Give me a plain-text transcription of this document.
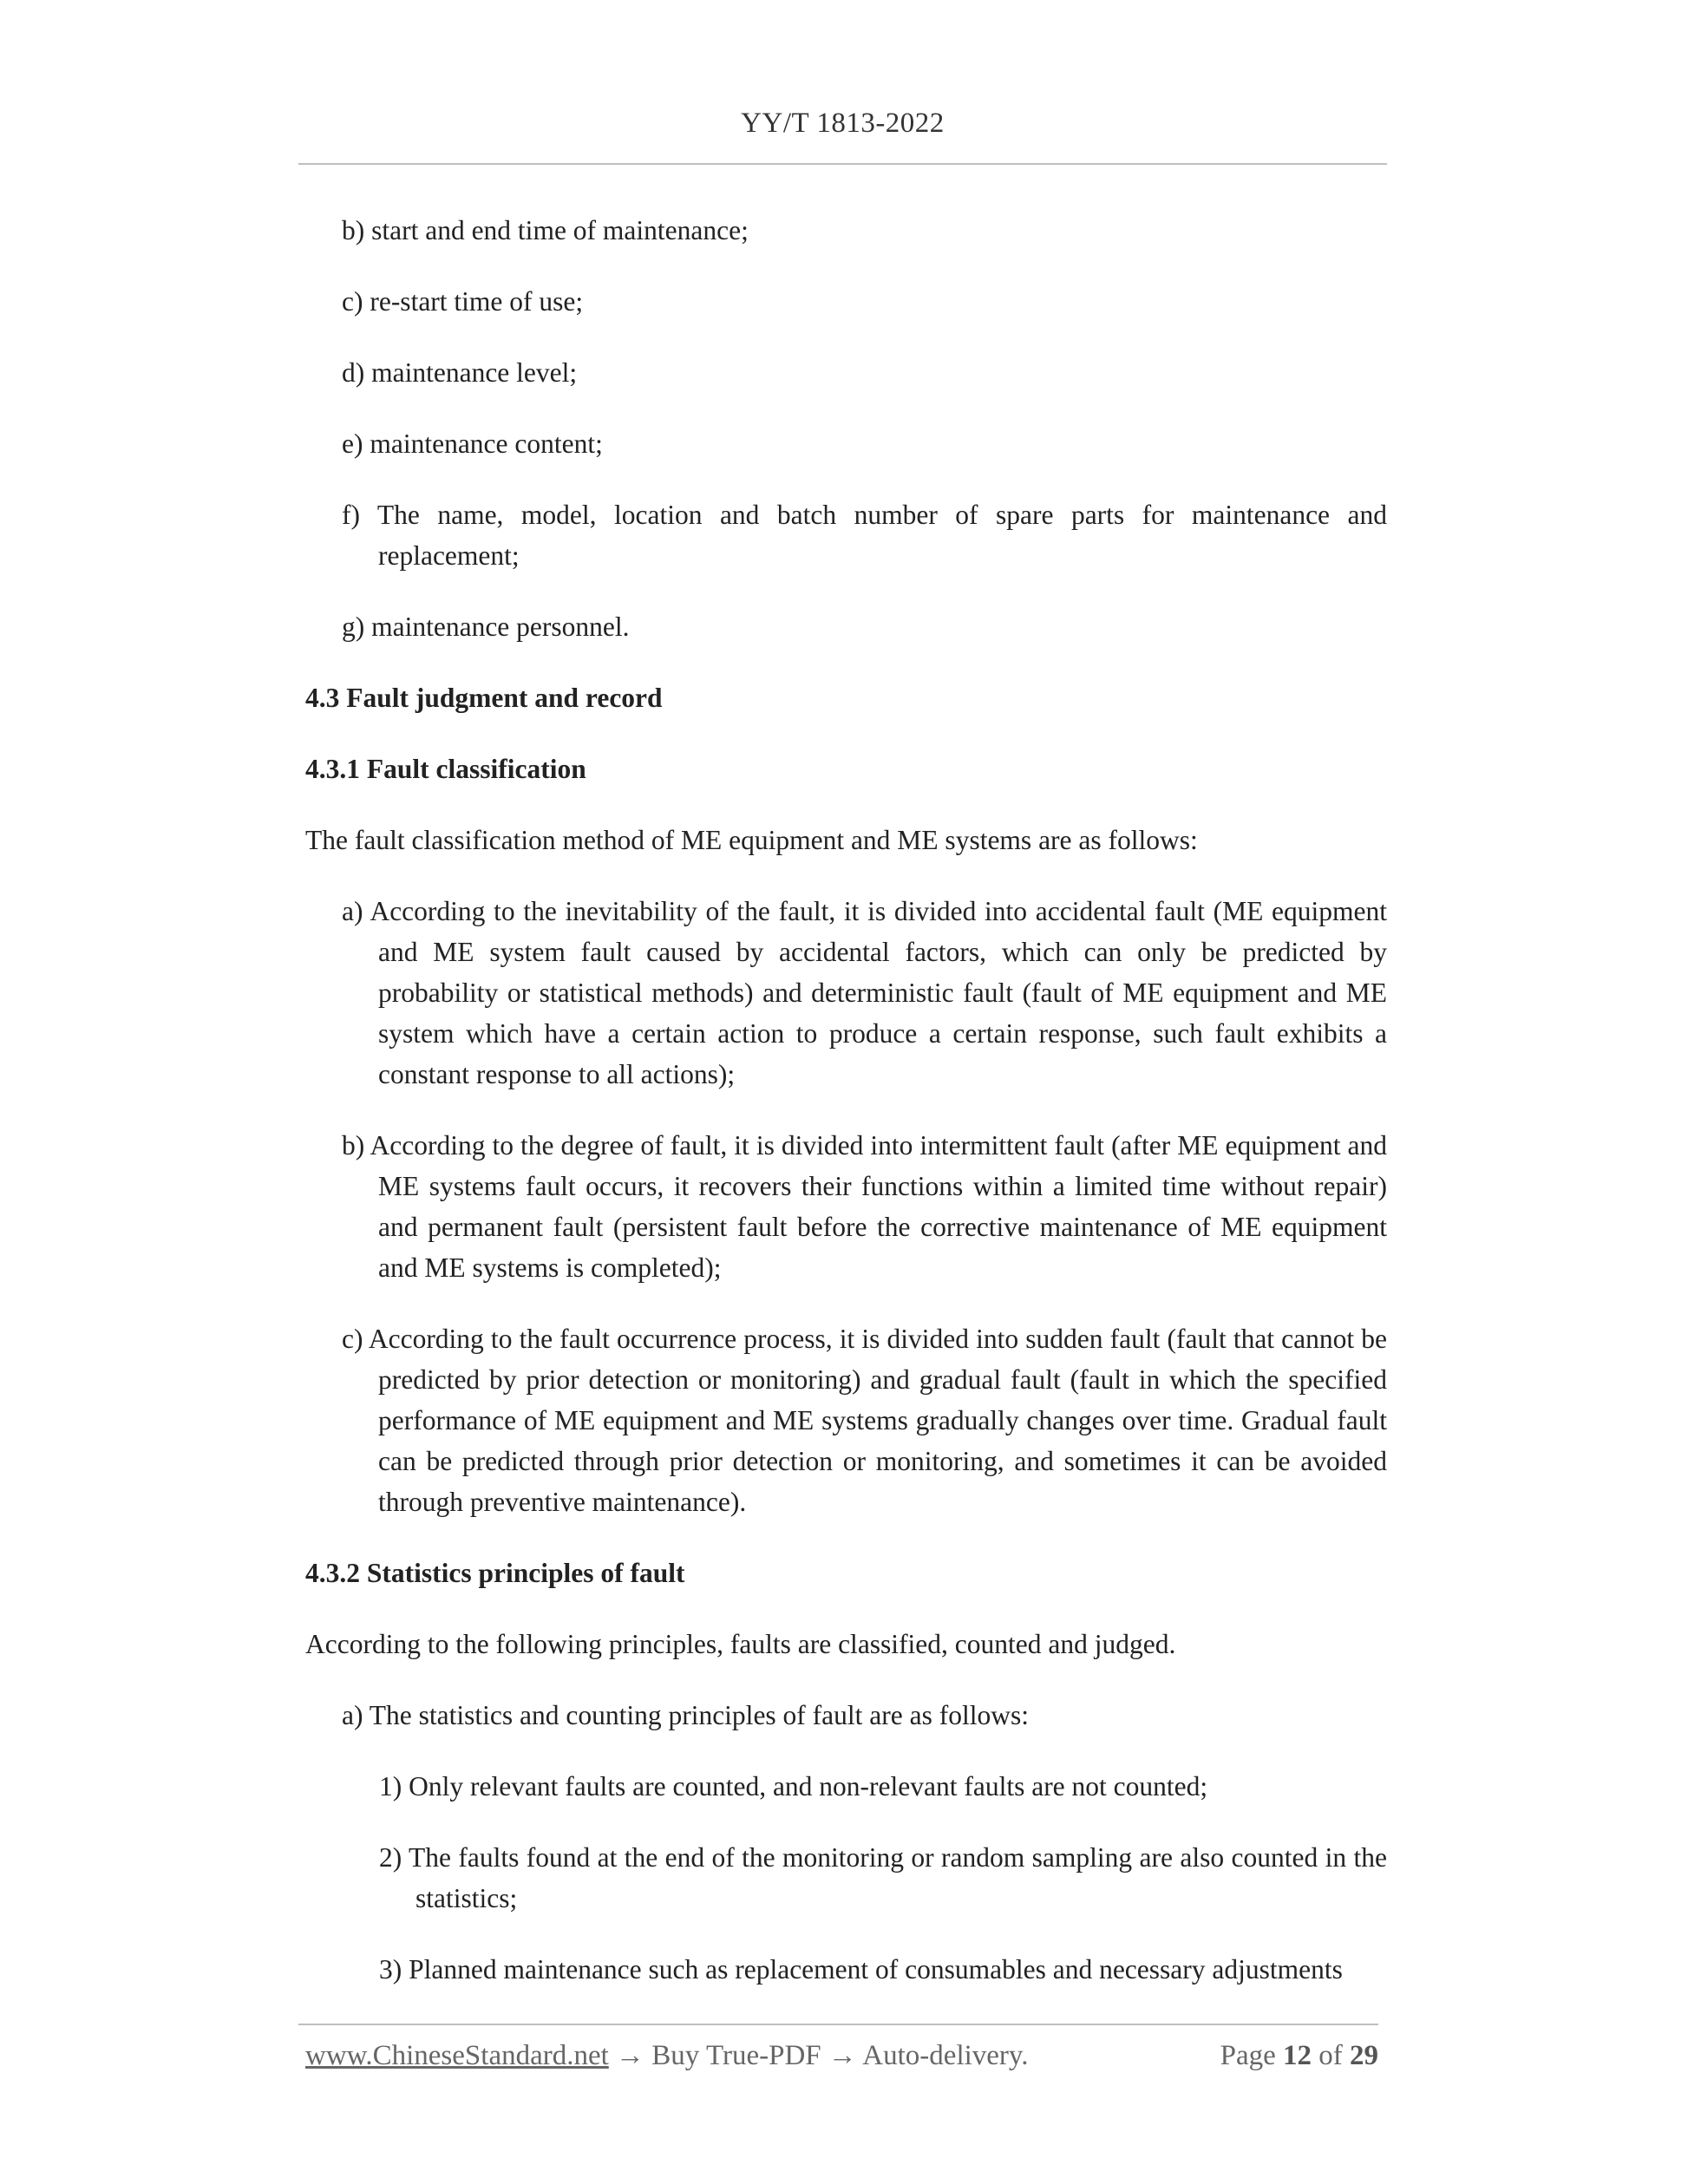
YY/T 1813-2022

b) start and end time of maintenance;

c) re-start time of use;

d) maintenance level;

e) maintenance content;

f) The name, model, location and batch number of spare parts for maintenance and replacement;

g) maintenance personnel.

4.3 Fault judgment and record

4.3.1 Fault classification

The fault classification method of ME equipment and ME systems are as follows:

a) According to the inevitability of the fault, it is divided into accidental fault (ME equipment and ME system fault caused by accidental factors, which can only be predicted by probability or statistical methods) and deterministic fault (fault of ME equipment and ME system which have a certain action to produce a certain response, such fault exhibits a constant response to all actions);

b) According to the degree of fault, it is divided into intermittent fault (after ME equipment and ME systems fault occurs, it recovers their functions within a limited time without repair) and permanent fault (persistent fault before the corrective maintenance of ME equipment and ME systems is completed);

c) According to the fault occurrence process, it is divided into sudden fault (fault that cannot be predicted by prior detection or monitoring) and gradual fault (fault in which the specified performance of ME equipment and ME systems gradually changes over time. Gradual fault can be predicted through prior detection or monitoring, and sometimes it can be avoided through preventive maintenance).

4.3.2 Statistics principles of fault

According to the following principles, faults are classified, counted and judged.

a) The statistics and counting principles of fault are as follows:

1) Only relevant faults are counted, and non-relevant faults are not counted;

2) The faults found at the end of the monitoring or random sampling are also counted in the statistics;

3) Planned maintenance such as replacement of consumables and necessary adjustments

www.ChineseStandard.net → Buy True-PDF → Auto-delivery.	Page 12 of 29
